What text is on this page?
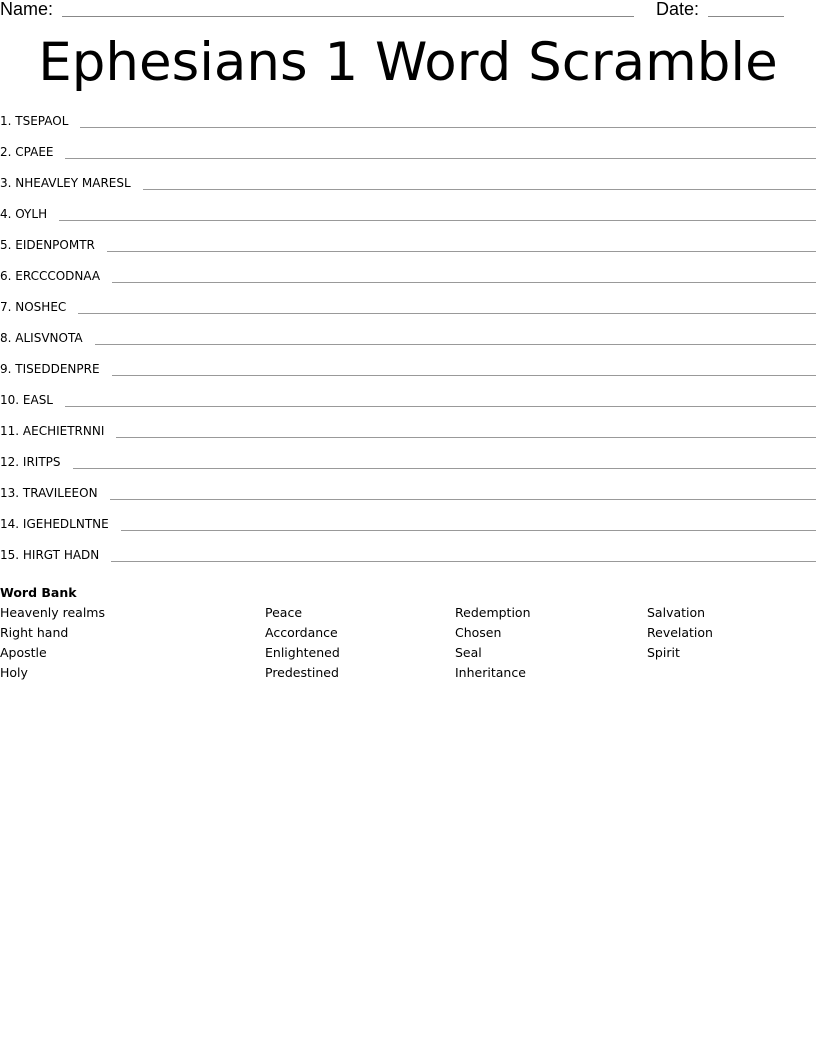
Name:	Date:
Ephesians 1 Word Scramble
1. TSEPAOL
2. CPAEE
3. NHEAVLEY MARESL
4. OYLH
5. EIDENPOMTR
6. ERCCCODNAA
7. NOSHEC
8. ALISVNOTA
9. TISEDDENPRE
10. EASL
11. AECHIETRNNI
12. IRITPS
13. TRAVILEEON
14. IGEHEDLNTNE
15. HIRGT HADN
Word Bank
Heavenly realms
Right hand
Apostle
Holy
Peace
Accordance
Enlightened
Predestined
Redemption
Chosen
Seal
Inheritance
Salvation
Revelation
Spirit
